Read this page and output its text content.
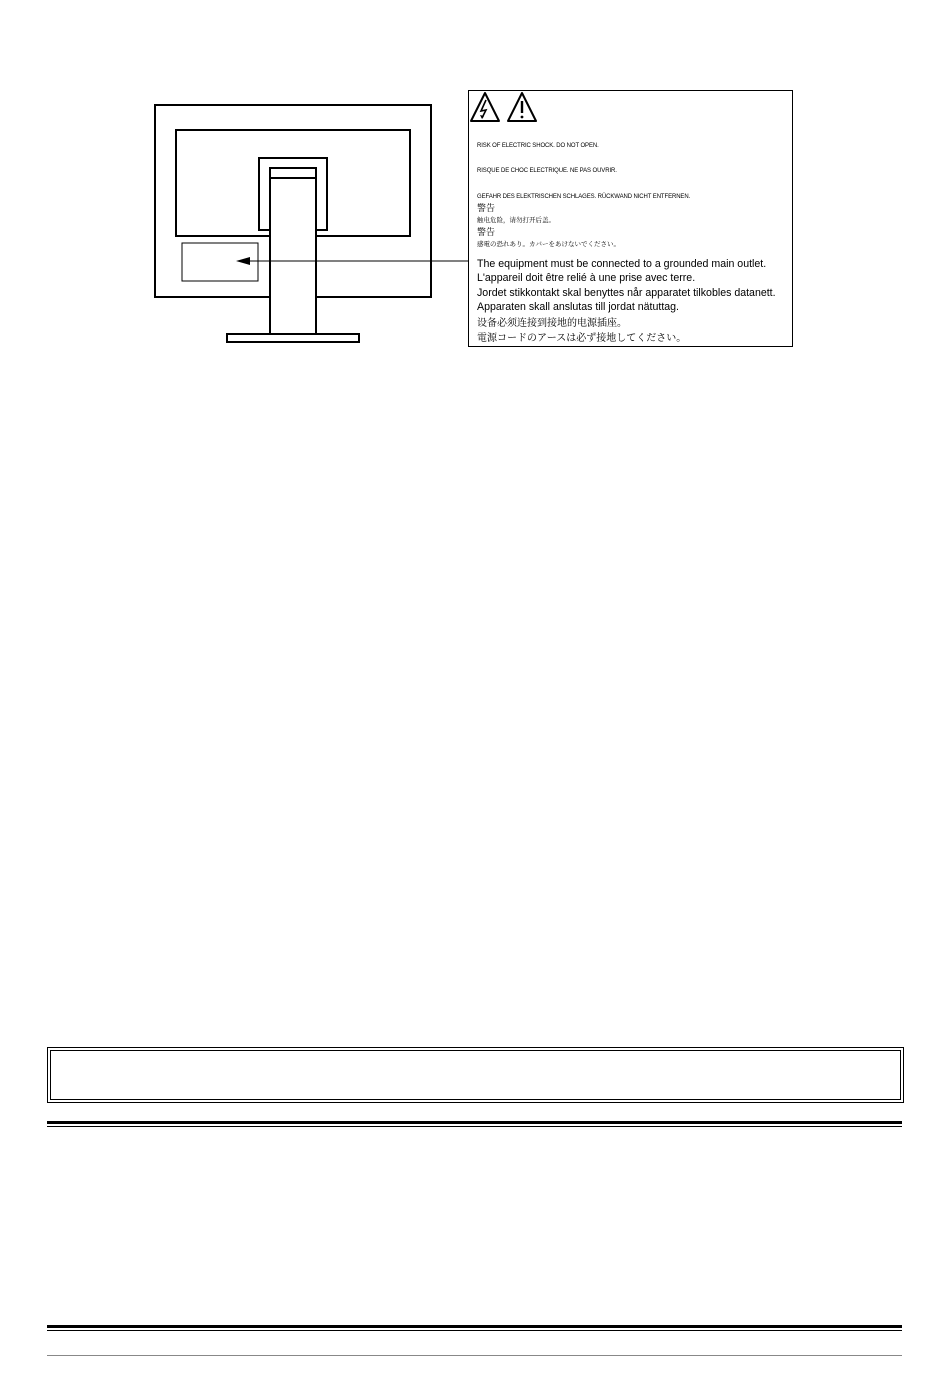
RISK OF ELECTRIC SHOCK. DO NOT OPEN.
RISQUE DE CHOC ELECTRIQUE. NE PAS OUVRIR.
GEFAHR DES ELEKTRISCHEN SCHLAGES. RÜCKWAND NICHT ENTFERNEN.
警告
触电危险，请勿打开后盖。
警告
感電の恐れあり。カバーをあけないでください。
The equipment must be connected to a grounded main outlet.
L'appareil doit être relié à une prise avec terre.
Jordet stikkontakt skal benyttes når apparatet tilkobles datanett.
Apparaten skall anslutas till jordat nätuttag.
设备必须连接到接地的电源插座。
電源コードのアースは必ず接地してください。
